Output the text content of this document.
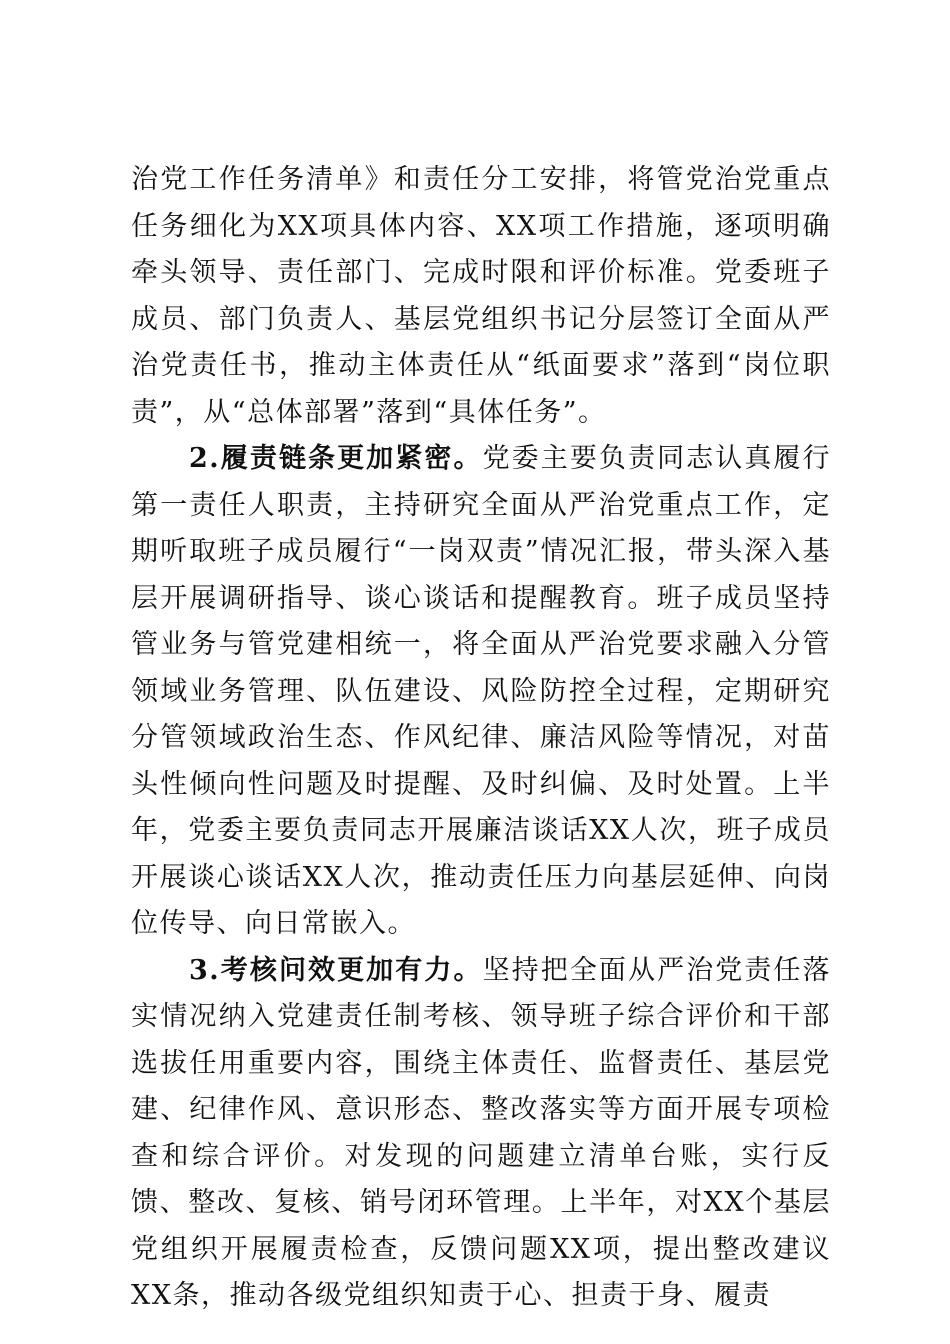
治党工作任务清单》和责任分工安排，将管党治党重点任务细化为XX项具体内容、XX项工作措施，逐项明确牵头领导、责任部门、完成时限和评价标准。党委班子成员、部门负责人、基层党组织书记分层签订全面从严治党责任书，推动主体责任从“纸面要求”落到“岗位职责”，从“总体部署”落到“具体任务”。

2.履责链条更加紧密。党委主要负责同志认真履行第一责任人职责，主持研究全面从严治党重点工作，定期听取班子成员履行“一岗双责”情况汇报，带头深入基层开展调研指导、谈心谈话和提醒教育。班子成员坚持管业务与管党建相统一，将全面从严治党要求融入分管领域业务管理、队伍建设、风险防控全过程，定期研究分管领域政治生态、作风纪律、廉洁风险等情况，对苗头性倾向性问题及时提醒、及时纠偏、及时处置。上半年，党委主要负责同志开展廉洁谈话XX人次，班子成员开展谈心谈话XX人次，推动责任压力向基层延伸、向岗位传导、向日常嵌入。

3.考核问效更加有力。坚持把全面从严治党责任落实情况纳入党建责任制考核、领导班子综合评价和干部选拔任用重要内容，围绕主体责任、监督责任、基层党建、纪律作风、意识形态、整改落实等方面开展专项检查和综合评价。对发现的问题建立清单台账，实行反馈、整改、复核、销号闭环管理。上半年，对XX个基层党组织开展履责检查，反馈问题XX项，提出整改建议XX条，推动各级党组织知责于心、担责于身、履责
